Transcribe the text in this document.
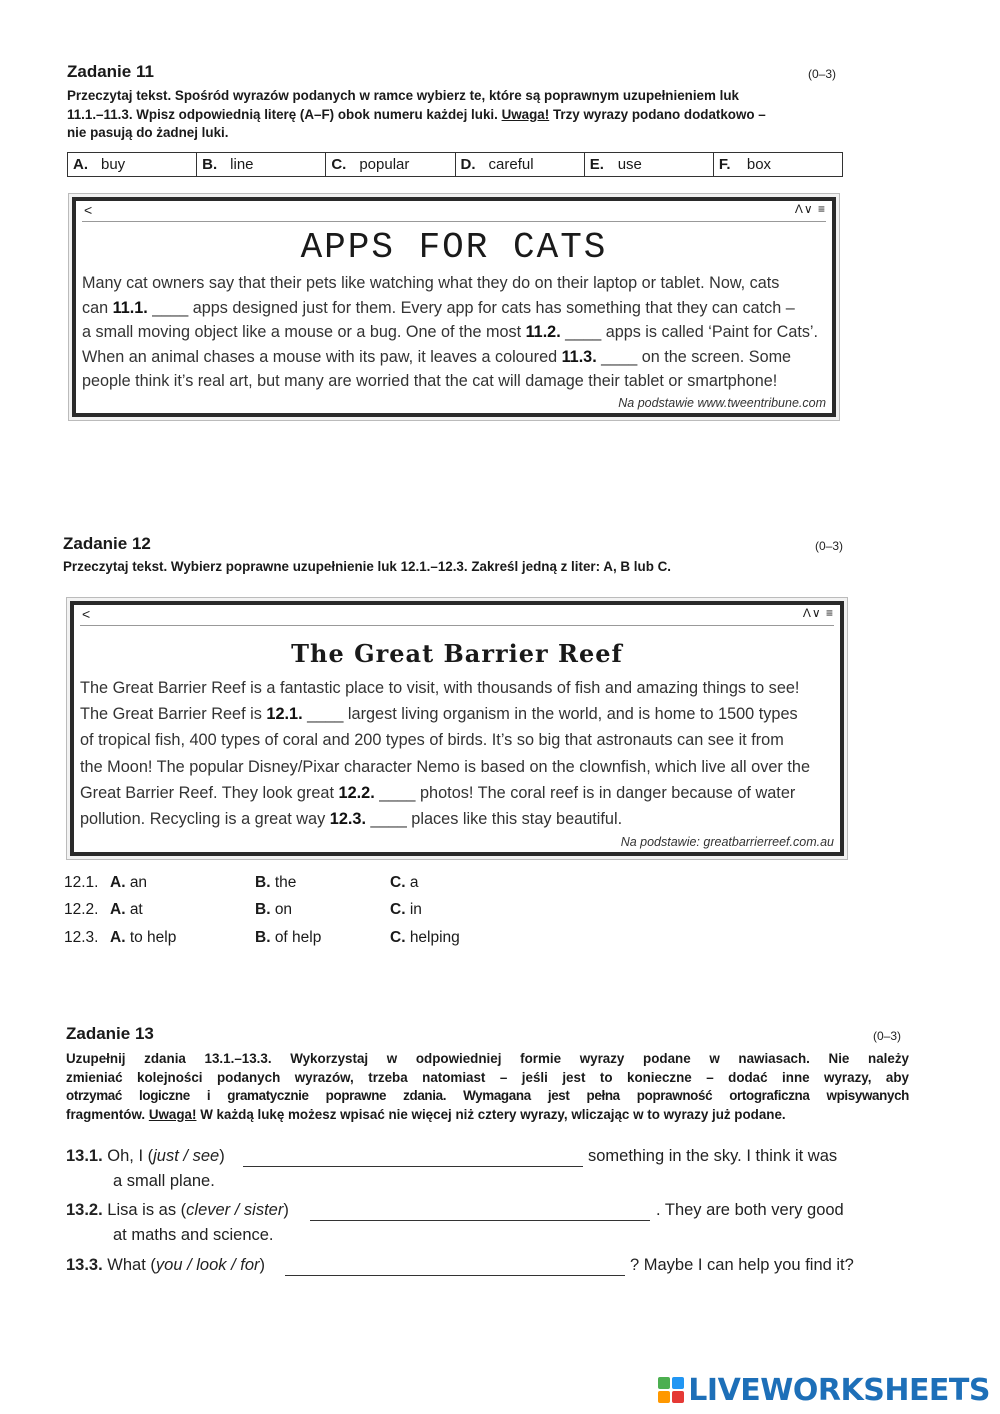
Zadanie 11	(0–3)
Przeczytaj tekst. Spośród wyrazów podanych w ramce wybierz te, które są poprawnym uzupełnieniem luk
11.1.–11.3. Wpisz odpowiednią literę (A–F) obok numeru każdej luki. Uwaga! Trzy wyrazy podano dodatkowo –
nie pasują do żadnej luki.
A. buy	B. line	C. popular	D. careful	E. use	F. box
<	Λ∨ ≡
APPS FOR CATS
Many cat owners say that their pets like watching what they do on their laptop or tablet. Now, cats
can 11.1. ____ apps designed just for them. Every app for cats has something that they can catch –
a small moving object like a mouse or a bug. One of the most 11.2. ____ apps is called ‘Paint for Cats’.
When an animal chases a mouse with its paw, it leaves a coloured 11.3. ____ on the screen. Some
people think it’s real art, but many are worried that the cat will damage their tablet or smartphone!
Na podstawie www.tweentribune.com
Zadanie 12	(0–3)
Przeczytaj tekst. Wybierz poprawne uzupełnienie luk 12.1.–12.3. Zakreśl jedną z liter: A, B lub C.
<	Λ∨ ≡
The Great Barrier Reef
The Great Barrier Reef is a fantastic place to visit, with thousands of fish and amazing things to see!
The Great Barrier Reef is 12.1. ____ largest living organism in the world, and is home to 1500 types
of tropical fish, 400 types of coral and 200 types of birds. It’s so big that astronauts can see it from
the Moon! The popular Disney/Pixar character Nemo is based on the clownfish, which live all over the
Great Barrier Reef. They look great 12.2. ____ photos! The coral reef is in danger because of water
pollution. Recycling is a great way 12.3. ____ places like this stay beautiful.
Na podstawie: greatbarrierreef.com.au
12.1. A. an	B. the	C. a
12.2. A. at	B. on	C. in
12.3. A. to help	B. of help	C. helping
Zadanie 13	(0–3)
Uzupełnij zdania 13.1.–13.3. Wykorzystaj w odpowiedniej formie wyrazy podane w nawiasach. Nie należy
zmieniać kolejności podanych wyrazów, trzeba natomiast – jeśli jest to konieczne – dodać inne wyrazy, aby
otrzymać logiczne i gramatycznie poprawne zdania. Wymagana jest pełna poprawność ortograficzna wpisywanych
fragmentów. Uwaga! W każdą lukę możesz wpisać nie więcej niż cztery wyrazy, wliczając w to wyrazy już podane.
13.1. Oh, I (just / see)	something in the sky. I think it was
a small plane.
13.2. Lisa is as (clever / sister)	. They are both very good
at maths and science.
13.3. What (you / look / for)	? Maybe I can help you find it?
LIVEWORKSHEETS
